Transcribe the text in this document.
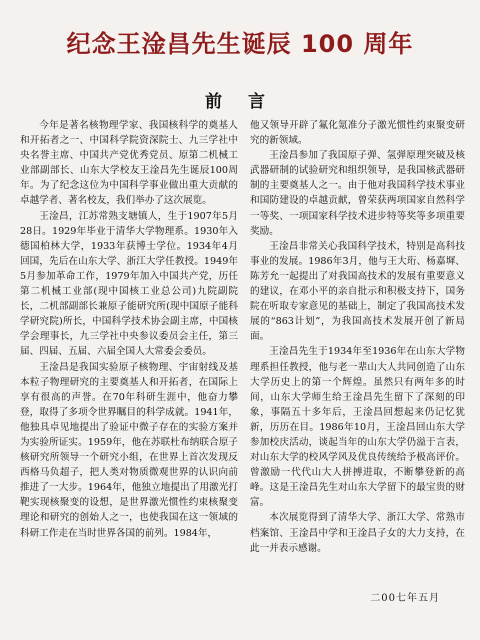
纪念王淦昌先生诞辰 100 周年
前 言

今年是著名核物理学家、我国核科学的奠基人和开拓者之一、中国科学院资深院士、九三学社中央名誉主席、中国共产党优秀党员、原第二机械工业部副部长、山东大学校友王淦昌先生诞辰100周年。为了纪念这位为中国科学事业做出重大贡献的卓越学者、著名校友，我们举办了这次展览。

王淦昌，江苏常熟支塘镇人，生于1907年5月28日。1929年毕业于清华大学物理系。1930年入德国柏林大学，1933年获博士学位。1934年4月回国，先后在山东大学、浙江大学任教授。1949年5月参加革命工作，1979年加入中国共产党，历任第二机械工业部(现中国核工业总公司)九院副院长，二机部副部长兼原子能研究所(现中国原子能科学研究院)所长，中国科学技术协会副主席，中国核学会理事长，九三学社中央参议委员会主任，第三届、四届、五届、六届全国人大常委会委员。

王淦昌是我国实验原子核物理、宇宙射线及基本粒子物理研究的主要奠基人和开拓者，在国际上享有很高的声誉。在70年科研生涯中，他奋力攀登，取得了多项令世界瞩目的科学成就。1941年，他独具卓见地提出了验证中微子存在的实验方案并为实验所证实。1959年，他在苏联杜布纳联合原子核研究所领导一个研究小组，在世界上首次发现反西格马负超子，把人类对物质微观世界的认识向前推进了一大步。1964年，他独立地提出了用激光打靶实现核聚变的设想，是世界激光惯性约束核聚变理论和研究的创始人之一，也使我国在这一领域的科研工作走在当时世界各国的前列。1984年，

他又领导开辟了氟化氪准分子激光惯性约束聚变研究的新领域。

王淦昌参加了我国原子弹、氢弹原理突破及核武器研制的试验研究和组织领导，是我国核武器研制的主要奠基人之一。由于他对我国科学技术事业和国防建设的卓越贡献，曾荣获两项国家自然科学一等奖、一项国家科学技术进步特等奖等多项重要奖励。

王淦昌非常关心我国科学技术，特别是高科技事业的发展。1986年3月，他与王大珩、杨嘉墀、陈芳允一起提出了对我国高技术的发展有重要意义的建议，在邓小平的亲自批示和积极支持下，国务院在听取专家意见的基础上，制定了我国高技术发展的“863计划”，为我国高技术发展开创了新局面。

王淦昌先生于1934年至1936年在山东大学物理系担任教授，他与老一辈山大人共同创造了山东大学历史上的第一个辉煌。虽然只有两年多的时间，山东大学师生给王淦昌先生留下了深刻的印象，事隔五十多年后，王淦昌回想起来仍记忆犹新，历历在目。1986年10月，王淦昌回山东大学参加校庆活动，谈起当年的山东大学仍溢于言表，对山东大学的校风学风及优良传统给予极高评价。曾激励一代代山大人拼搏进取，不断攀登新的高峰。这是王淦昌先生对山东大学留下的最宝贵的财富。

本次展览得到了清华大学、浙江大学、常熟市档案馆、王淦昌中学和王淦昌子女的大力支持，在此一并表示感谢。

二00七年五月
